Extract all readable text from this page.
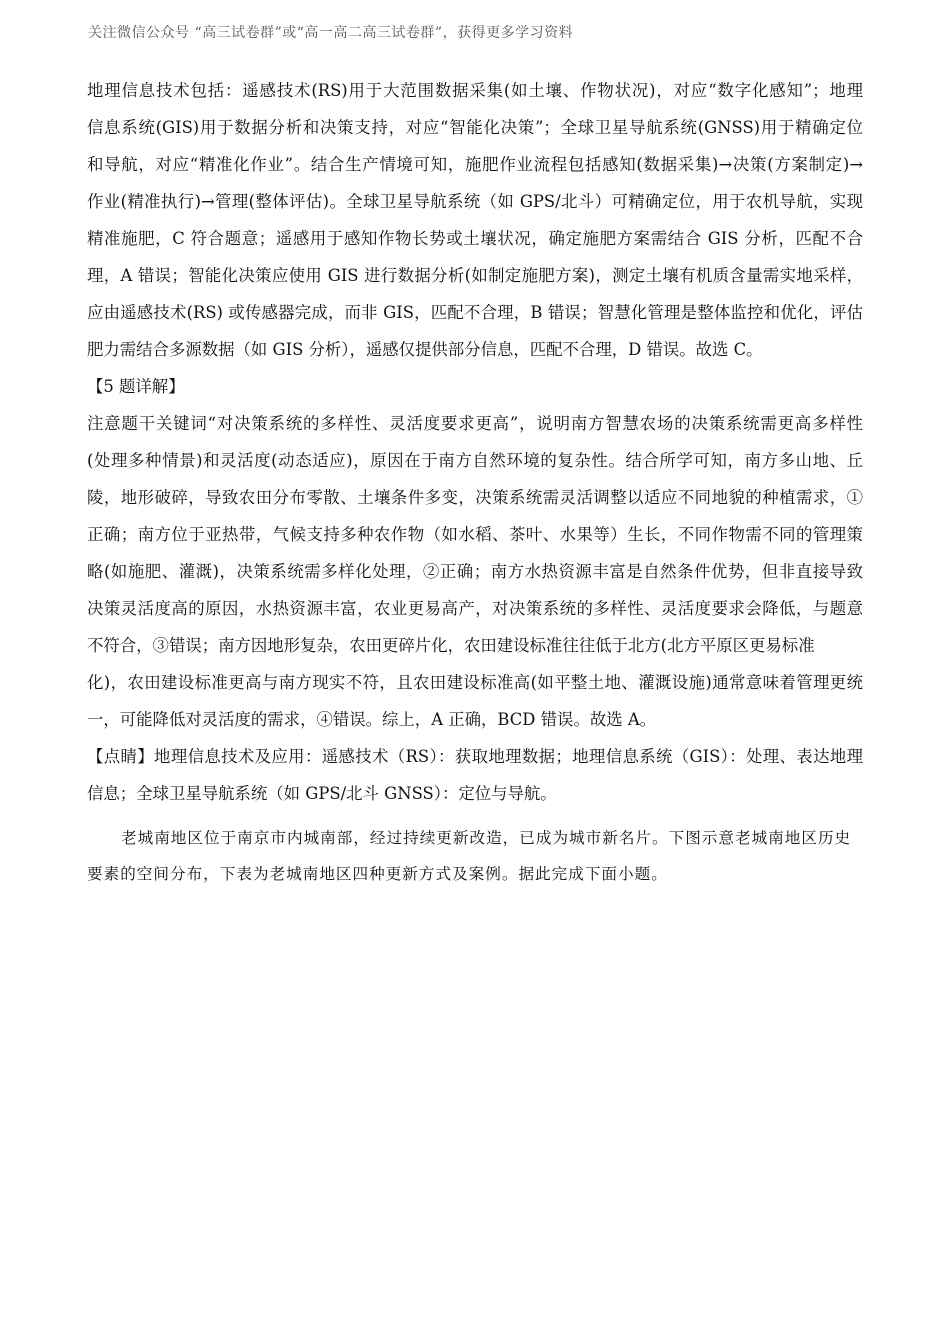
关注微信公众号 “高三试卷群”或“高一高二高三试卷群”，获得更多学习资料
地理信息技术包括：遥感技术(RS)用于大范围数据采集(如土壤、作物状况)，对应“数字化感知”；地理
信息系统(GIS)用于数据分析和决策支持，对应“智能化决策”；全球卫星导航系统(GNSS)用于精确定位
和导航，对应“精准化作业”。结合生产情境可知，施肥作业流程包括感知(数据采集)→决策(方案制定)→
作业(精准执行)→管理(整体评估)。全球卫星导航系统（如 GPS/北斗）可精确定位，用于农机导航，实现
精准施肥，C 符合题意；遥感用于感知作物长势或土壤状况，确定施肥方案需结合 GIS 分析，匹配不合
理，A 错误；智能化决策应使用 GIS 进行数据分析(如制定施肥方案)，测定土壤有机质含量需实地采样，
应由遥感技术(RS) 或传感器完成，而非 GIS，匹配不合理，B 错误；智慧化管理是整体监控和优化，评估
肥力需结合多源数据（如 GIS 分析），遥感仅提供部分信息，匹配不合理，D 错误。故选 C。
【5 题详解】
注意题干关键词“对决策系统的多样性、灵活度要求更高”，说明南方智慧农场的决策系统需更高多样性
(处理多种情景)和灵活度(动态适应)，原因在于南方自然环境的复杂性。结合所学可知，南方多山地、丘
陵，地形破碎，导致农田分布零散、土壤条件多变，决策系统需灵活调整以适应不同地貌的种植需求，①
正确；南方位于亚热带，气候支持多种农作物（如水稻、茶叶、水果等）生长，不同作物需不同的管理策
略(如施肥、灌溉)，决策系统需多样化处理，②正确；南方水热资源丰富是自然条件优势，但非直接导致
决策灵活度高的原因，水热资源丰富，农业更易高产，对决策系统的多样性、灵活度要求会降低，与题意
不符合，③错误；南方因地形复杂，农田更碎片化，农田建设标准往往低于北方(北方平原区更易标准
化)，农田建设标准更高与南方现实不符，且农田建设标准高(如平整土地、灌溉设施)通常意味着管理更统
一，可能降低对灵活度的需求，④错误。综上，A 正确，BCD 错误。故选 A。
【点睛】地理信息技术及应用：遥感技术（RS）：获取地理数据；地理信息系统（GIS）：处理、表达地理
信息；全球卫星导航系统（如 GPS/北斗 GNSS）：定位与导航。
老城南地区位于南京市内城南部，经过持续更新改造，已成为城市新名片。下图示意老城南地区历史
要素的空间分布，下表为老城南地区四种更新方式及案例。据此完成下面小题。
